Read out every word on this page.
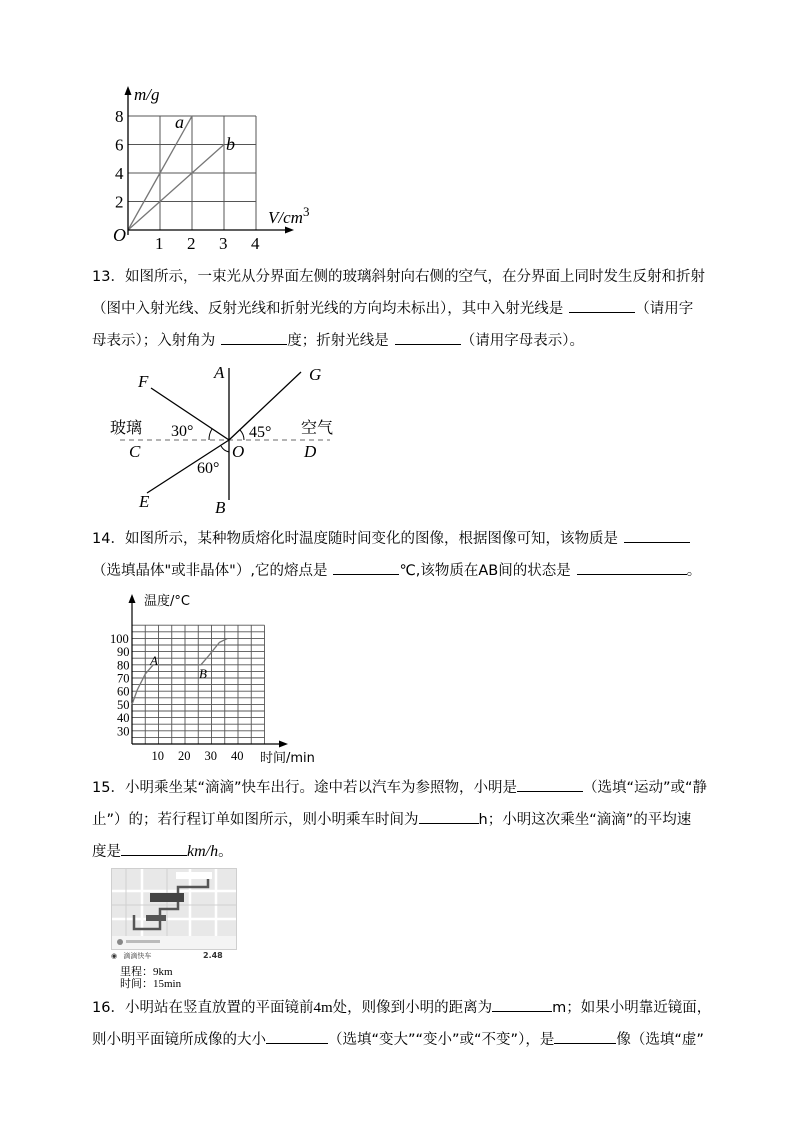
1 2 3 4
2
4
6
8
m/g
O
a
b
$V/cm^3$
13．如图所示，一束光从分界面左侧的玻璃斜射向右侧的空气，在分界面上同时发生反射和折射
（图中入射光线、反射光线和折射光线的方向均未标出），其中入射光线是	（请用字
母表示）；入射角为	度；折射光线是	（请用字母表示）。
A
B
F	G
C	D
E
O
玻璃	空气
30°	45°
60°
14．如图所示，某种物质熔化时温度随时间变化的图像，根据图像可知，该物质是
（选填晶体"或非晶体"）,它的熔点是	℃,该物质在AB间的状态是	。
10 20 30 40
30
40
50
60
70
80
90
100
温度/°C
时间/min
A
B
15．小明乘坐某“滴滴”快车出行。途中若以汽车为参照物，小明是	（选填“运动”或“静
止”）的；若行程订单如图所示，则小明乘车时间为	h；小明这次乘坐“滴滴”的平均速
度是	km/h。
◉ 滴滴快车	2.48
里程：9km
时间：15min
16．小明站在竖直放置的平面镜前4m处，则像到小明的距离为	m；如果小明靠近镜面，
则小明平面镜所成像的大小	（选填“变大”“变小”或“不变”），是	像（选填“虚”
